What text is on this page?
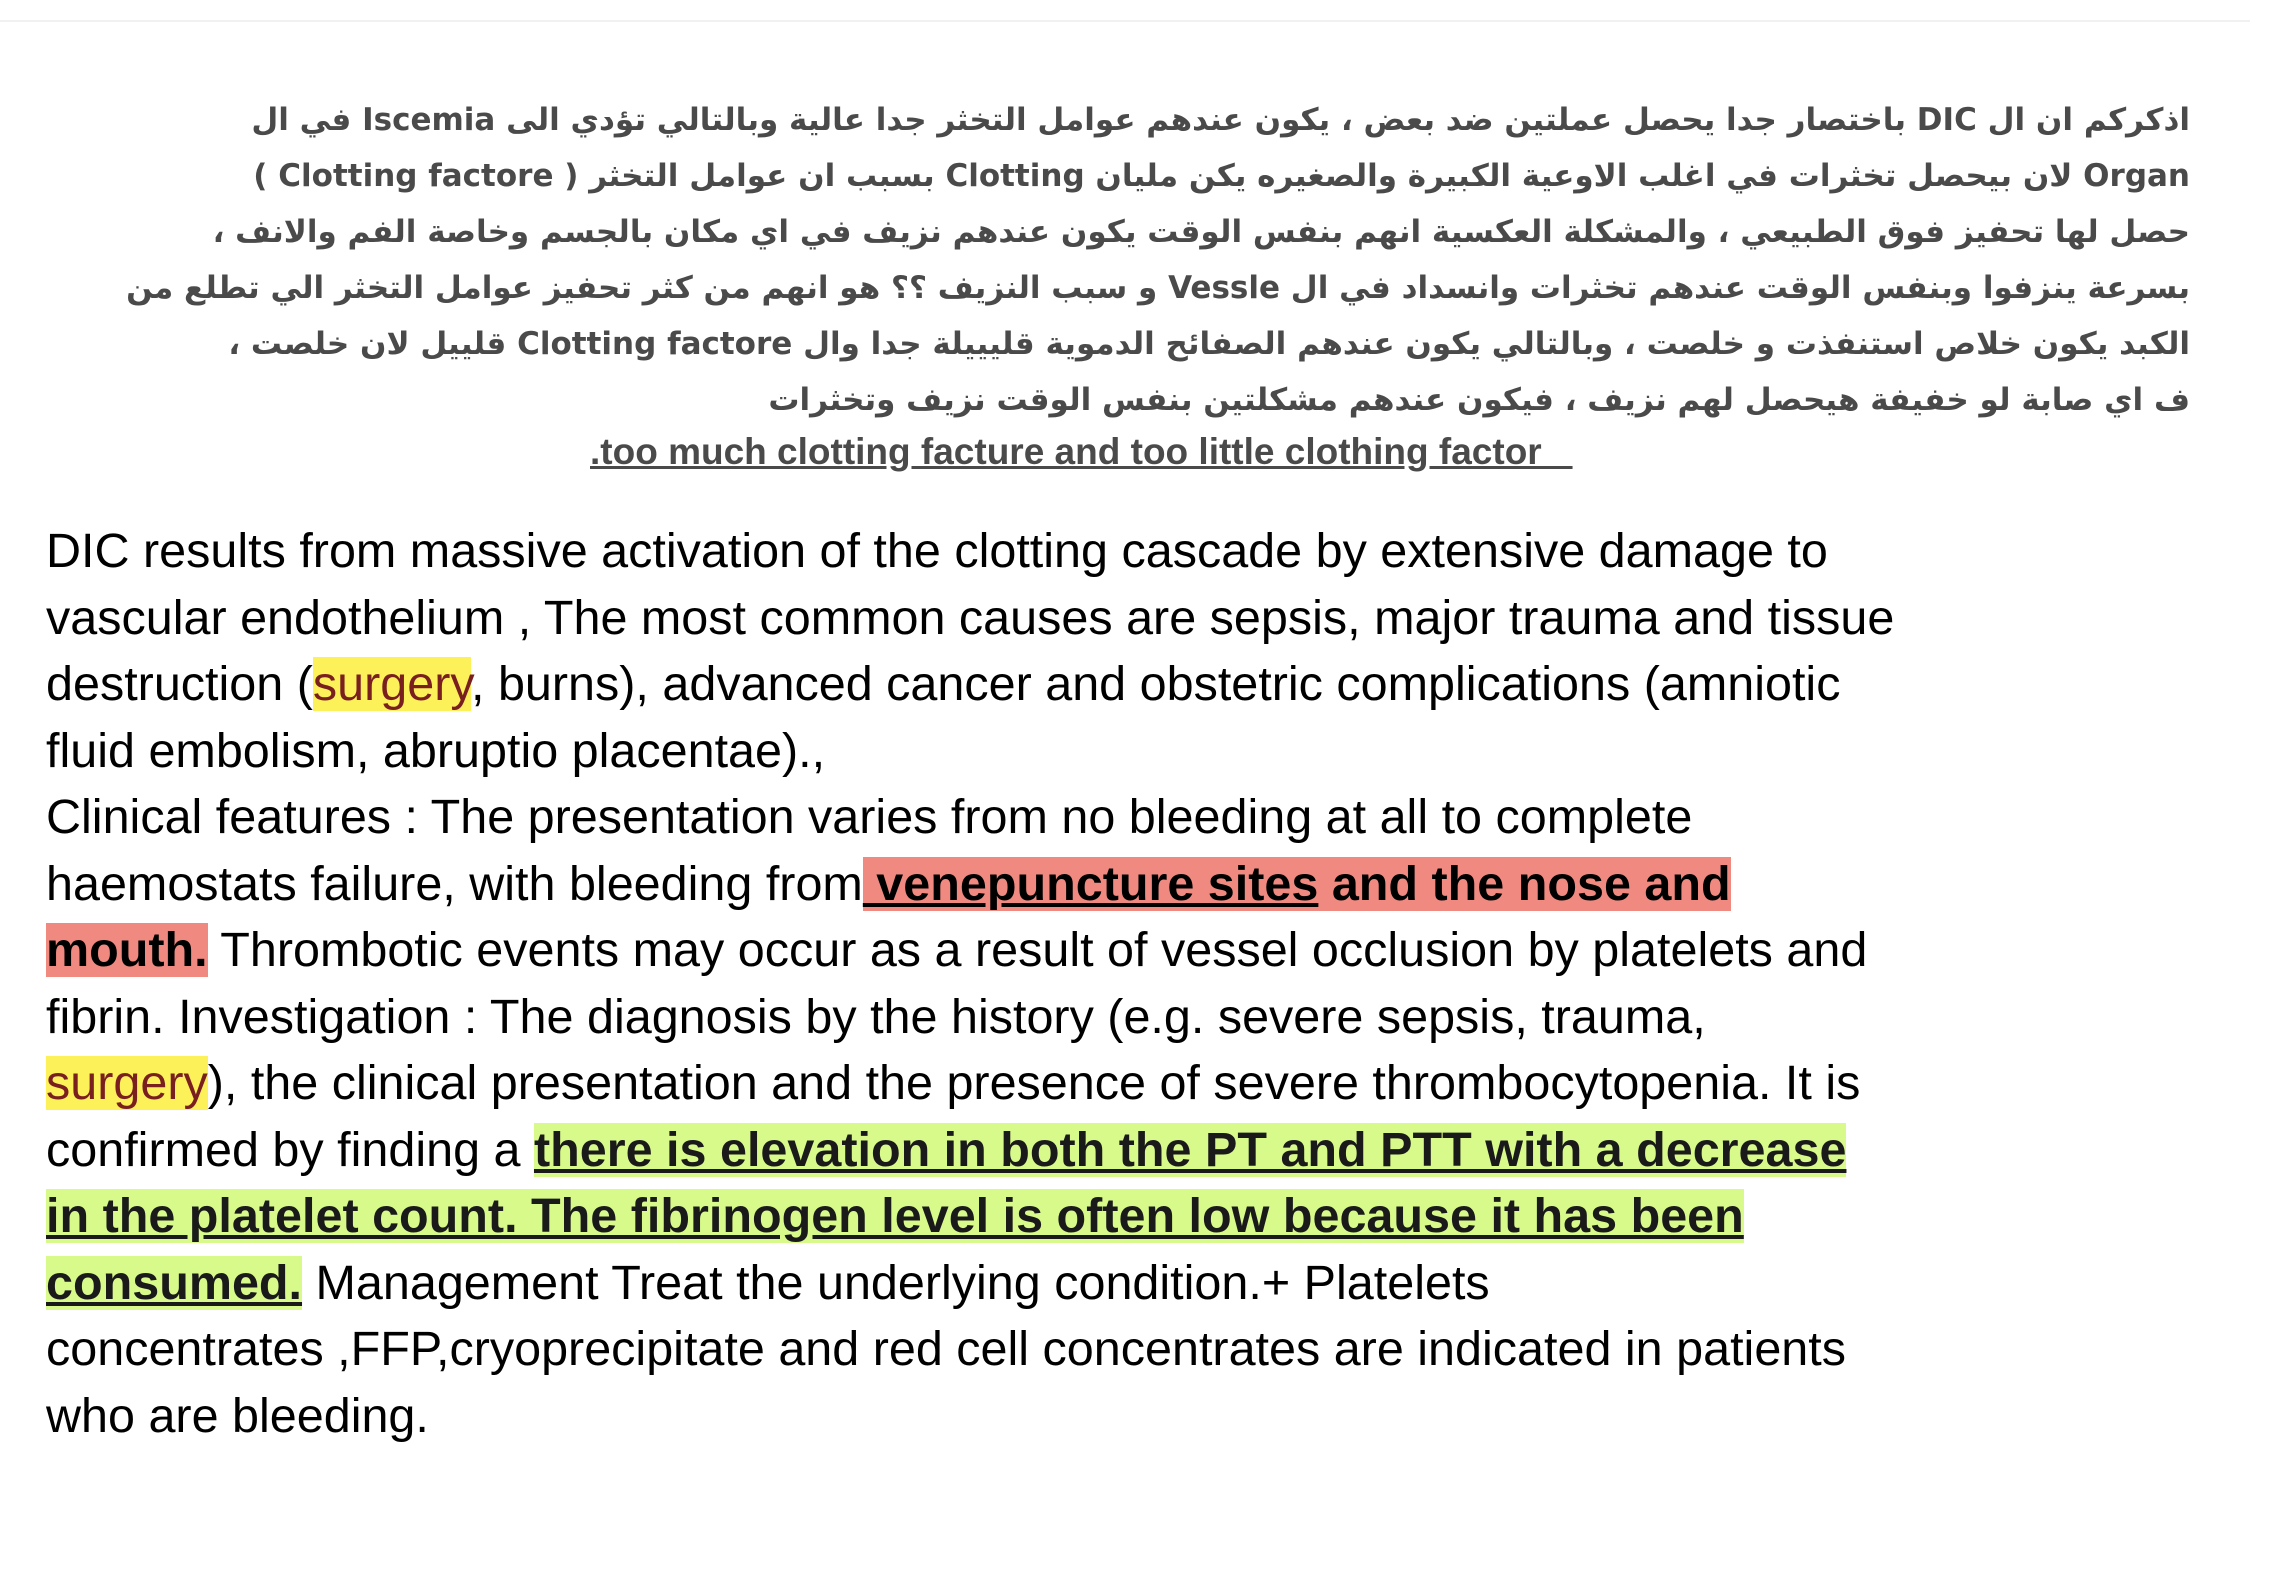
اذكركم ان ال DIC باختصار جدا يحصل عملتين ضد بعض ، يكون عندهم عوامل التخثر جدا عالية وبالتالي تؤدي الى Iscemia في ال
Organ لان بيحصل تخثرات في اغلب الاوعية الكبيرة والصغيره يكن مليان Clotting بسبب ان عوامل التخثر ( Clotting factore )
حصل لها تحفيز فوق الطبيعي ، والمشكلة العكسية انهم بنفس الوقت يكون عندهم نزيف في اي مكان بالجسم وخاصة الفم والانف ،
بسرعة ينزفوا وبنفس الوقت عندهم تخثرات وانسداد في ال Vessle و سبب النزيف ؟؟ هو انهم من كثر تحفيز عوامل التخثر الي تطلع من
الكبد يكون خلاص استنفذت و خلصت ، وبالتالي يكون عندهم الصفائح الدموية قليييلة جدا وال Clotting factore قلييل لان خلصت ،
ف اي صابة لو خفيفة هيحصل لهم نزيف ، فيكون عندهم مشكلتين بنفس الوقت نزيف وتخثرات
.too much clotting facture and too little clothing factor
DIC results from massive activation of the clotting cascade by extensive damage to
vascular endothelium , The most common causes are sepsis, major trauma and tissue
destruction (surgery, burns), advanced cancer and obstetric complications (amniotic
fluid embolism, abruptio placentae).,
Clinical features : The presentation varies from no bleeding at all to complete
haemostats failure, with bleeding from venepuncture sites and the nose and
mouth. Thrombotic events may occur as a result of vessel occlusion by platelets and
fibrin. Investigation : The diagnosis by the history (e.g. severe sepsis, trauma,
surgery), the clinical presentation and the presence of severe thrombocytopenia. It is
confirmed by finding a there is elevation in both the PT and PTT with a decrease
in the platelet count. The fibrinogen level is often low because it has been
consumed. Management Treat the underlying condition.+ Platelets
concentrates ,FFP,cryoprecipitate and red cell concentrates are indicated in patients
who are bleeding.
